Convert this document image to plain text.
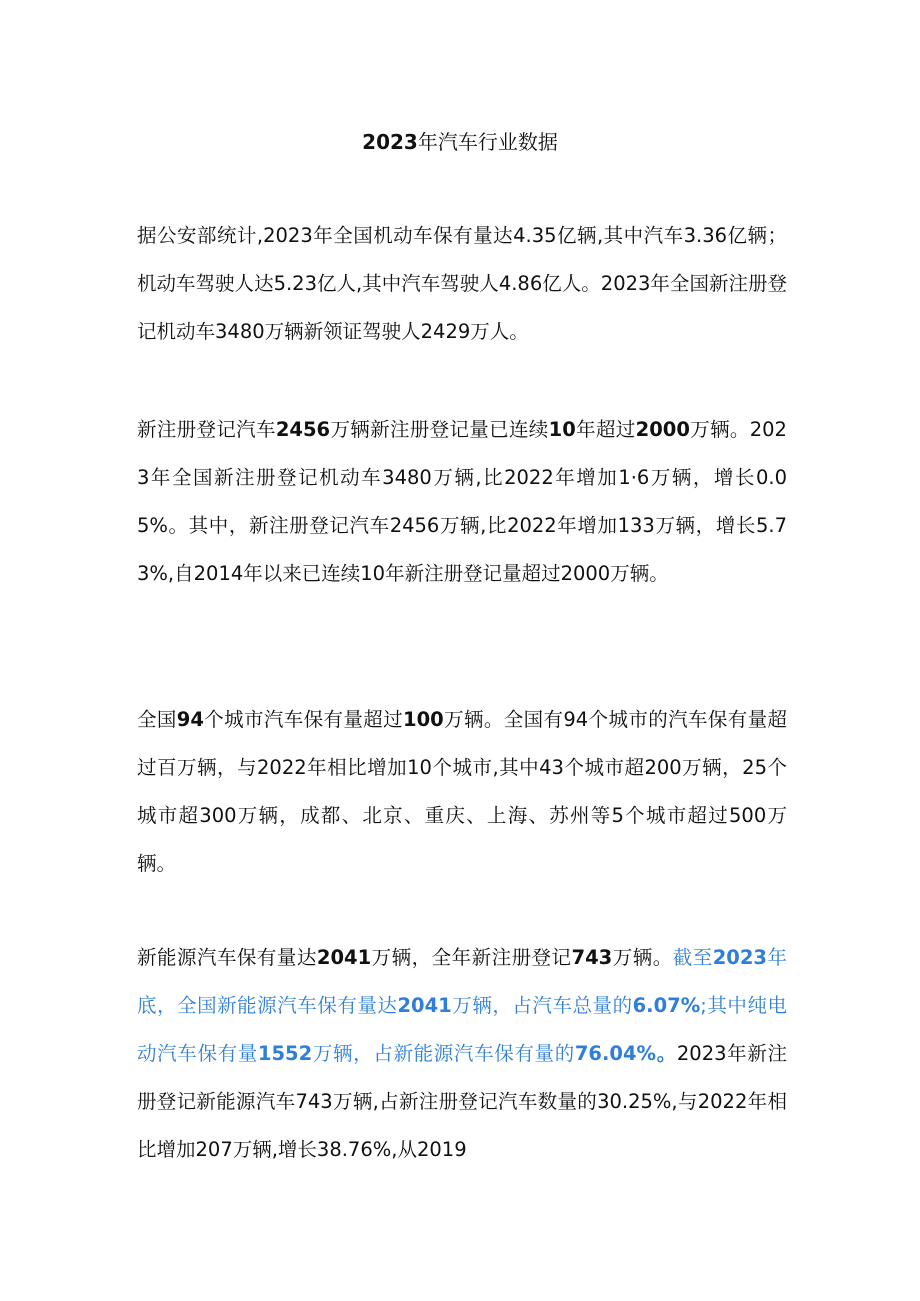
2023年汽车行业数据

据公安部统计,2023年全国机动车保有量达4.35亿辆,其中汽车3.36亿辆；机动车驾驶人达5.23亿人,其中汽车驾驶人4.86亿人。2023年全国新注册登记机动车3480万辆新领证驾驶人2429万人。

新注册登记汽车2456万辆新注册登记量已连续10年超过2000万辆。2023年全国新注册登记机动车3480万辆,比2022年增加1·6万辆，增长0.05%。其中，新注册登记汽车2456万辆,比2022年增加133万辆，增长5.73%,自2014年以来已连续10年新注册登记量超过2000万辆。

全国94个城市汽车保有量超过100万辆。全国有94个城市的汽车保有量超过百万辆，与2022年相比增加10个城市,其中43个城市超200万辆，25个城市超300万辆，成都、北京、重庆、上海、苏州等5个城市超过500万辆。

新能源汽车保有量达2041万辆，全年新注册登记743万辆。截至2023年底，全国新能源汽车保有量达2041万辆，占汽车总量的6.07%;其中纯电动汽车保有量1552万辆，占新能源汽车保有量的76.04%。2023年新注册登记新能源汽车743万辆,占新注册登记汽车数量的30.25%,与2022年相比增加207万辆,增长38.76%,从2019
